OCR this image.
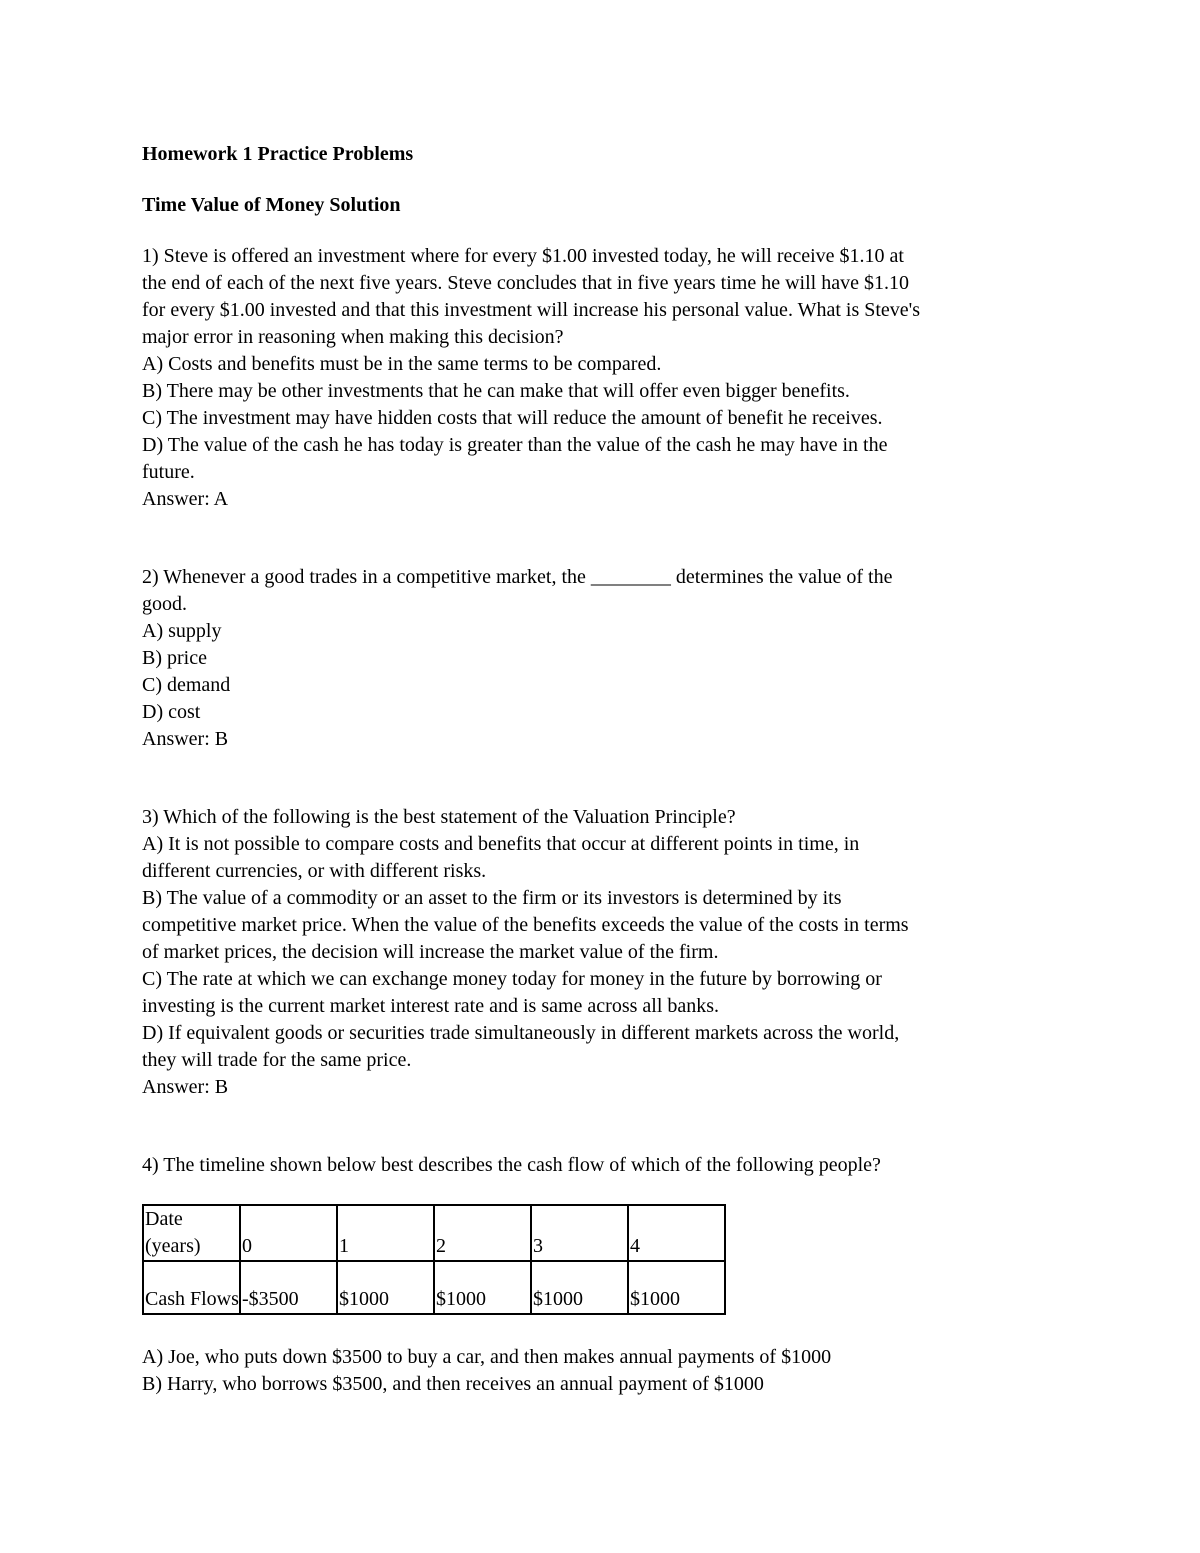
Homework 1 Practice Problems
Time Value of Money Solution
1) Steve is offered an investment where for every $1.00 invested today, he will receive $1.10 at
the end of each of the next five years. Steve concludes that in five years time he will have $1.10
for every $1.00 invested and that this investment will increase his personal value. What is Steve's
major error in reasoning when making this decision?
A) Costs and benefits must be in the same terms to be compared.
B) There may be other investments that he can make that will offer even bigger benefits.
C) The investment may have hidden costs that will reduce the amount of benefit he receives.
D) The value of the cash he has today is greater than the value of the cash he may have in the
future.
Answer: A
2) Whenever a good trades in a competitive market, the ________ determines the value of the
good.
A) supply
B) price
C) demand
D) cost
Answer: B
3) Which of the following is the best statement of the Valuation Principle?
A) It is not possible to compare costs and benefits that occur at different points in time, in
different currencies, or with different risks.
B) The value of a commodity or an asset to the firm or its investors is determined by its
competitive market price. When the value of the benefits exceeds the value of the costs in terms
of market prices, the decision will increase the market value of the firm.
C) The rate at which we can exchange money today for money in the future by borrowing or
investing is the current market interest rate and is same across all banks.
D) If equivalent goods or securities trade simultaneously in different markets across the world,
they will trade for the same price.
Answer: B
4) The timeline shown below best describes the cash flow of which of the following people?
Date (years)	0	1	2	3	4
Cash Flows	-$3500	$1000	$1000	$1000	$1000
A) Joe, who puts down $3500 to buy a car, and then makes annual payments of $1000
B) Harry, who borrows $3500, and then receives an annual payment of $1000
